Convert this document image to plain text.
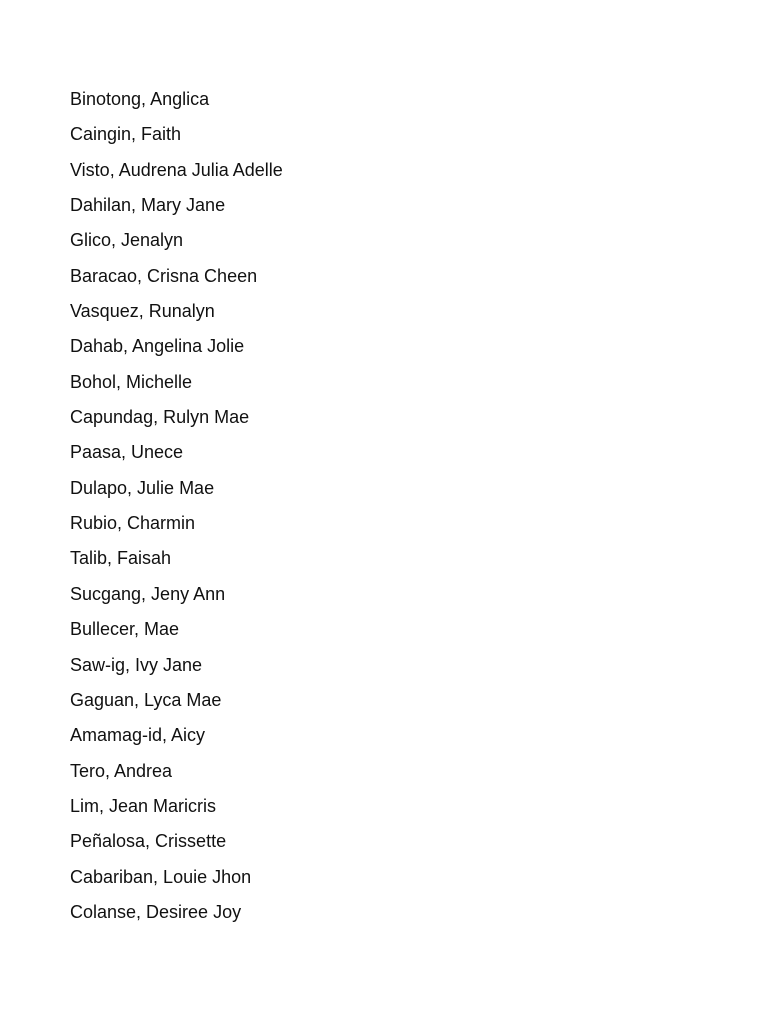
Binotong, Anglica
Caingin, Faith
Visto, Audrena Julia Adelle
Dahilan, Mary Jane
Glico, Jenalyn
Baracao, Crisna Cheen
Vasquez, Runalyn
Dahab, Angelina Jolie
Bohol, Michelle
Capundag, Rulyn Mae
Paasa, Unece
Dulapo, Julie Mae
Rubio, Charmin
Talib, Faisah
Sucgang, Jeny Ann
Bullecer, Mae
Saw-ig, Ivy Jane
Gaguan, Lyca Mae
Amamag-id, Aicy
Tero, Andrea
Lim, Jean Maricris
Peñalosa, Crissette
Cabariban, Louie Jhon
Colanse, Desiree Joy
